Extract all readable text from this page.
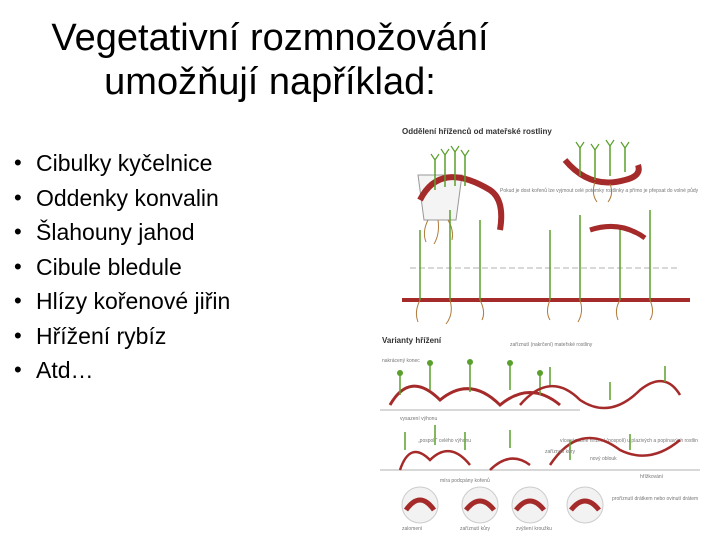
Vegetativní rozmnožování
umožňují například:
• Cibulky kyčelnice
• Oddenky konvalin
• Šlahouny jahod
• Cibule bledule
• Hlízy kořenové jiřin
• Hřížení rybíz
• Atd…
Oddělení hříženců od mateřské rostliny
Pokud je dost kořenů lze vyjmout celé potomky rostlinky a přímo je přepsat do volné půdy
Varianty hřížení	zaříznutí (nakrčení) mateřské rostliny
nakrácený konec
vysazení výhonu
„pospolí“ celého výhonu	vícenásobné hřížení (pospolí) u plazivých a popínavých rostlin
zaříznutí kůry
nový oblouk
hřížkování
míra podcpány kořenů
zalomení	zaříznutí kůry	zvýšení kroužku
proříznutí drátkem nebo ovinutí drátem
